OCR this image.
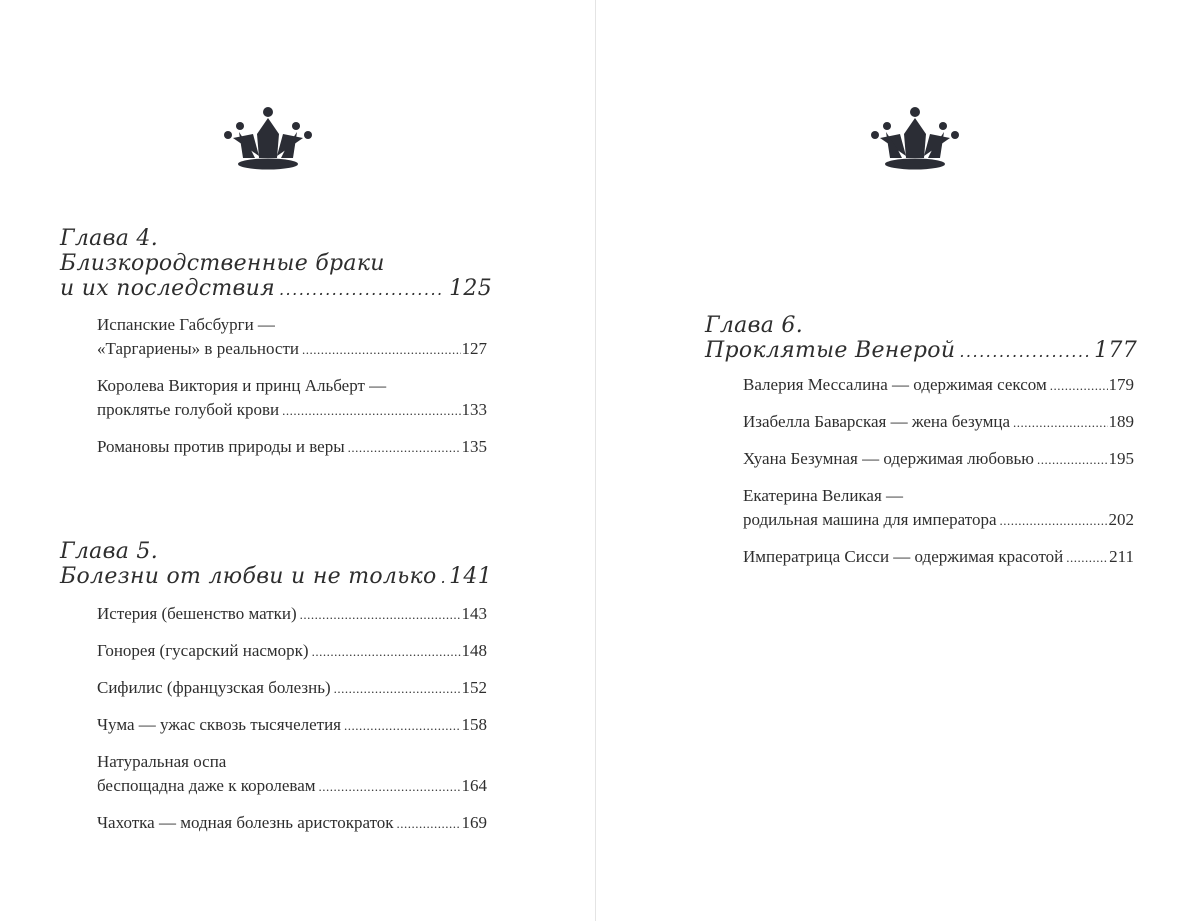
Глава 4.
Близкородственные браки
и их последствия .....	125
Испанские Габсбурги —
«Таргариены» в реальности .....	127
Королева Виктория и принц Альберт —
проклятье голубой крови .....	133
Романовы против природы и веры .....	135
Глава 5.
Болезни от любви и не только ..... 141
Истерия (бешенство матки) .....	143
Гонорея (гусарский насморк) .....	148
Сифилис (французская болезнь) .....	152
Чума — ужас сквозь тысячелетия .....	158
Натуральная оспа
беспощадна даже к королевам .....	164
Чахотка — модная болезнь аристократок .....	169
Глава 6.
Проклятые Венерой .....	177
Валерия Мессалина — одержимая сексом .....	179
Изабелла Баварская — жена безумца .....	189
Хуана Безумная — одержимая любовью .....	195
Екатерина Великая —
родильная машина для императора .....	202
Императрица Сисси — одержимая красотой .....	211
